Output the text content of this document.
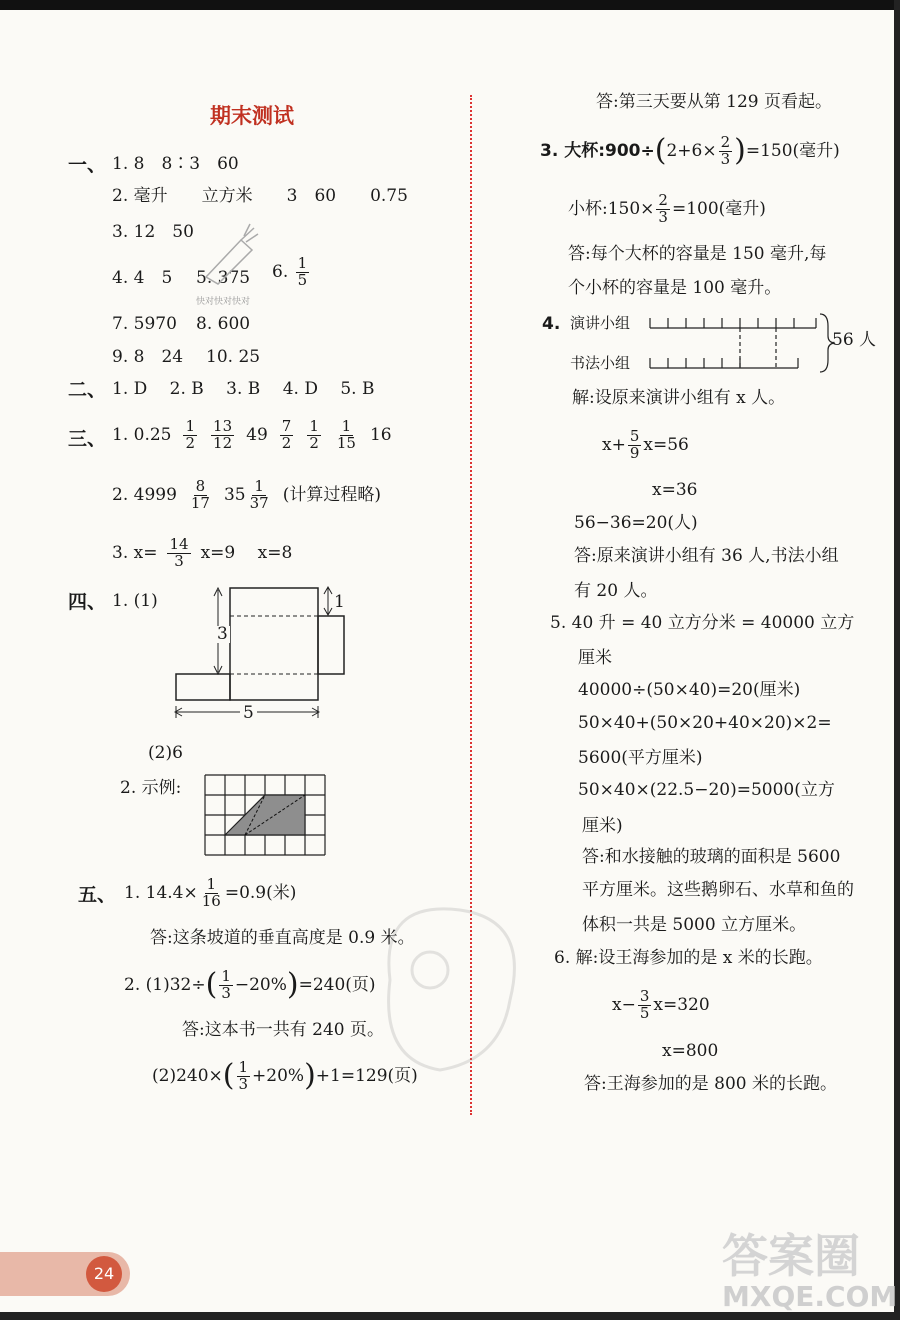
期末测试
一、 1. 8　8∶3　60
2. 毫升　　立方米　　3　60　　0.75
3. 12　50
4. 4　5 5. 375 6. $\frac{1}{5}$
7. 5970 8. 600
9. 8　24 10. 25
快对快对快对
二、 1. D　 2. B　 3. B　 4. D　 5. B
三、 1. $0.25 \frac{1}{2} \frac{13}{12} 49 \frac{7}{2} \frac{1}{2} \frac{1}{15} 16$
2. $4999 \frac{8}{17} 35 \frac{1}{37}$ (计算过程略)
3. $x= \frac{14}{3} x=9$　 x=8
四、 1. (1)
3
1
5
(2)6
2. 示例:
五、 1. $14.4\times \frac{1}{16} =0.9$(米)
答:这条坡道的垂直高度是 0.9 米。
2. (1)32÷ ( $\frac{1}{3} -20\%$ ) =240(页)
答:这本书一共有 240 页。
(2)240× ( $\frac{1}{3} +20\%$ ) +1=129(页)
答:第三天要从第 129 页看起。
3. 大杯:900÷ ( $2+6\times \frac{2}{3}$ ) =150(毫升)
小杯:150× $\frac{2}{3} =100$(毫升)
答:每个大杯的容量是 150 毫升,每
个小杯的容量是 100 毫升。
4. 演讲小组
书法小组
56 人
解:设原来演讲小组有 x 人。
$x+ \frac{5}{9} x=56$
x=36
56−36=20(人)
答:原来演讲小组有 36 人,书法小组
有 20 人。
5. 40 升 = 40 立方分米 = 40000 立方
厘米
40000÷(50×40)=20(厘米)
50×40+(50×20+40×20)×2=
5600(平方厘米)
50×40×(22.5−20)=5000(立方
厘米)
答:和水接触的玻璃的面积是 5600
平方厘米。这些鹅卵石、水草和鱼的
体积一共是 5000 立方厘米。
6. 解:设王海参加的是 x 米的长跑。
$x- \frac{3}{5} x=320$
x=800
答:王海参加的是 800 米的长跑。
24	答案圈
MXQE.COM
